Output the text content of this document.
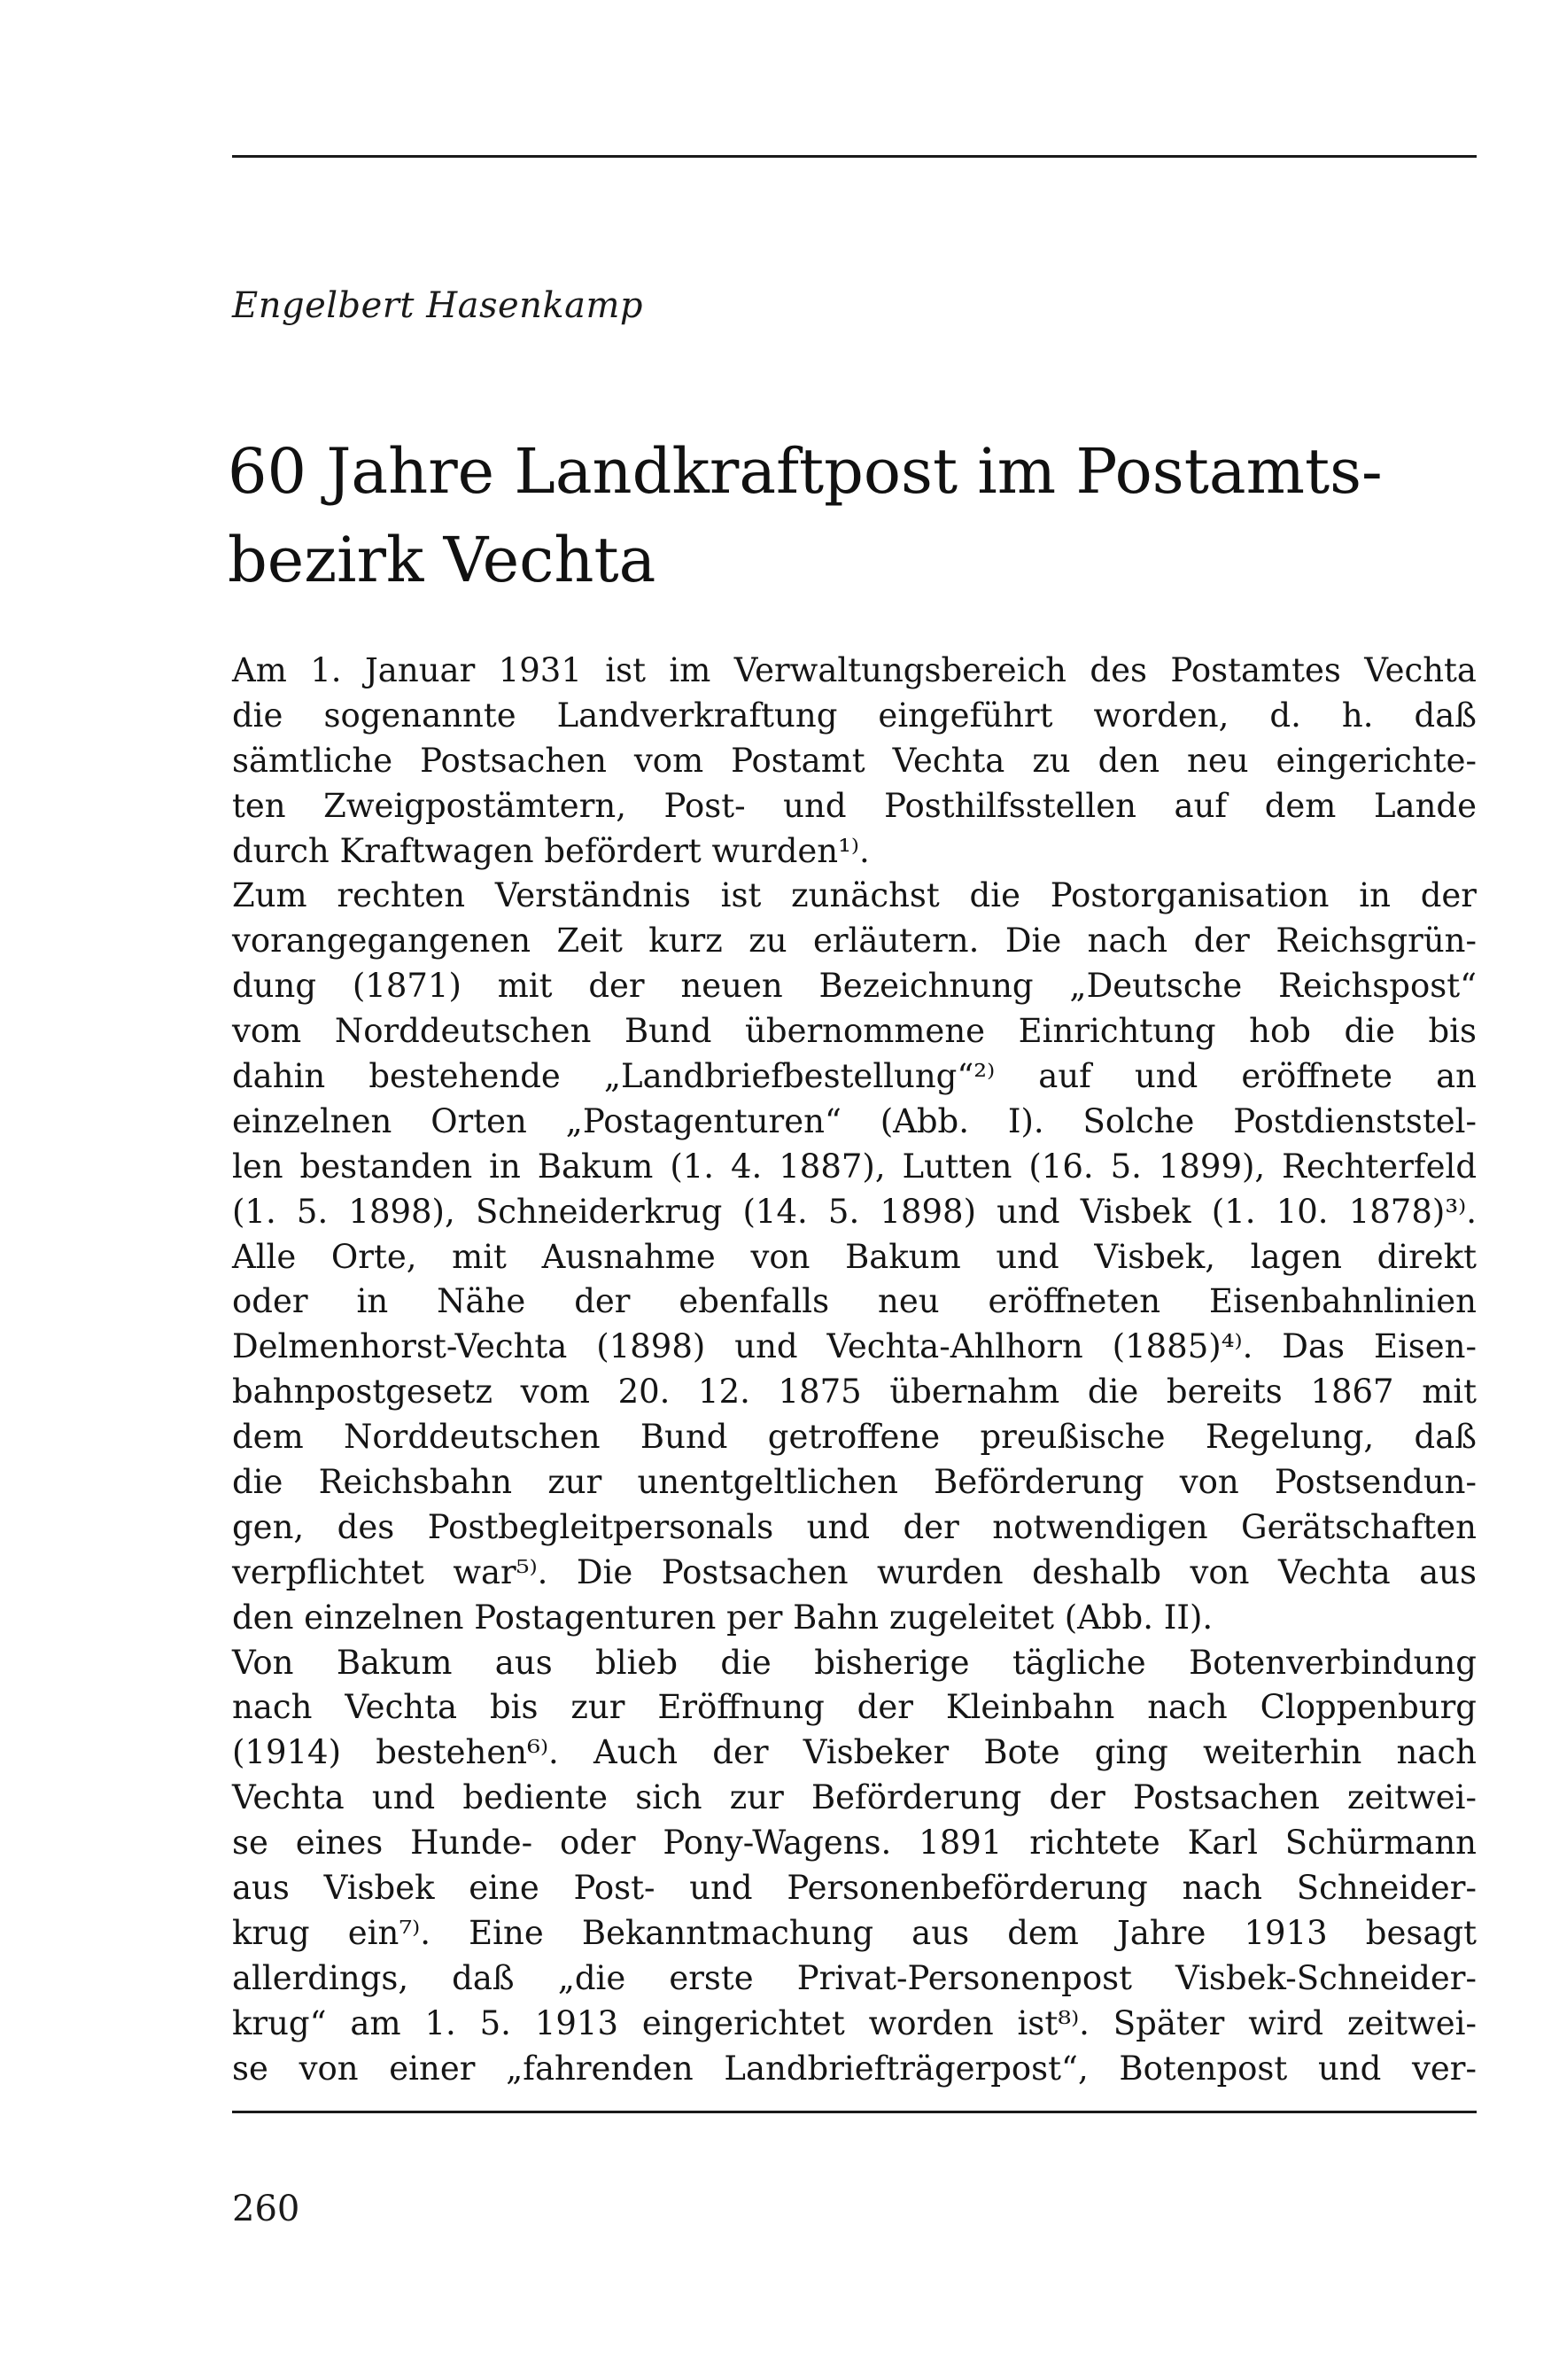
Engelbert Hasenkamp
60 Jahre Landkraftpost im Postamts-
bezirk Vechta
Am 1. Januar 1931 ist im Verwaltungsbereich des Postamtes Vechta
die sogenannte Landverkraftung eingeführt worden, d. h. daß
sämtliche Postsachen vom Postamt Vechta zu den neu eingerichte-
ten Zweigpostämtern, Post- und Posthilfsstellen auf dem Lande
durch Kraftwagen befördert wurden¹⁾.
Zum rechten Verständnis ist zunächst die Postorganisation in der
vorangegangenen Zeit kurz zu erläutern. Die nach der Reichsgrün-
dung (1871) mit der neuen Bezeichnung „Deutsche Reichspost“
vom Norddeutschen Bund übernommene Einrichtung hob die bis
dahin bestehende „Landbriefbestellung“²⁾ auf und eröffnete an
einzelnen Orten „Postagenturen“ (Abb. I). Solche Postdienststel-
len bestanden in Bakum (1. 4. 1887), Lutten (16. 5. 1899), Rechterfeld
(1. 5. 1898), Schneiderkrug (14. 5. 1898) und Visbek (1. 10. 1878)³⁾.
Alle Orte, mit Ausnahme von Bakum und Visbek, lagen direkt
oder in Nähe der ebenfalls neu eröffneten Eisenbahnlinien
Delmenhorst-Vechta (1898) und Vechta-Ahlhorn (1885)⁴⁾. Das Eisen-
bahnpostgesetz vom 20. 12. 1875 übernahm die bereits 1867 mit
dem Norddeutschen Bund getroffene preußische Regelung, daß
die Reichsbahn zur unentgeltlichen Beförderung von Postsendun-
gen, des Postbegleitpersonals und der notwendigen Gerätschaften
verpflichtet war⁵⁾. Die Postsachen wurden deshalb von Vechta aus
den einzelnen Postagenturen per Bahn zugeleitet (Abb. II).
Von Bakum aus blieb die bisherige tägliche Botenverbindung
nach Vechta bis zur Eröffnung der Kleinbahn nach Cloppenburg
(1914) bestehen⁶⁾. Auch der Visbeker Bote ging weiterhin nach
Vechta und bediente sich zur Beförderung der Postsachen zeitwei-
se eines Hunde- oder Pony-Wagens. 1891 richtete Karl Schürmann
aus Visbek eine Post- und Personenbeförderung nach Schneider-
krug ein⁷⁾. Eine Bekanntmachung aus dem Jahre 1913 besagt
allerdings, daß „die erste Privat-Personenpost Visbek-Schneider-
krug“ am 1. 5. 1913 eingerichtet worden ist⁸⁾. Später wird zeitwei-
se von einer „fahrenden Landbriefträgerpost“, Botenpost und ver-
260
